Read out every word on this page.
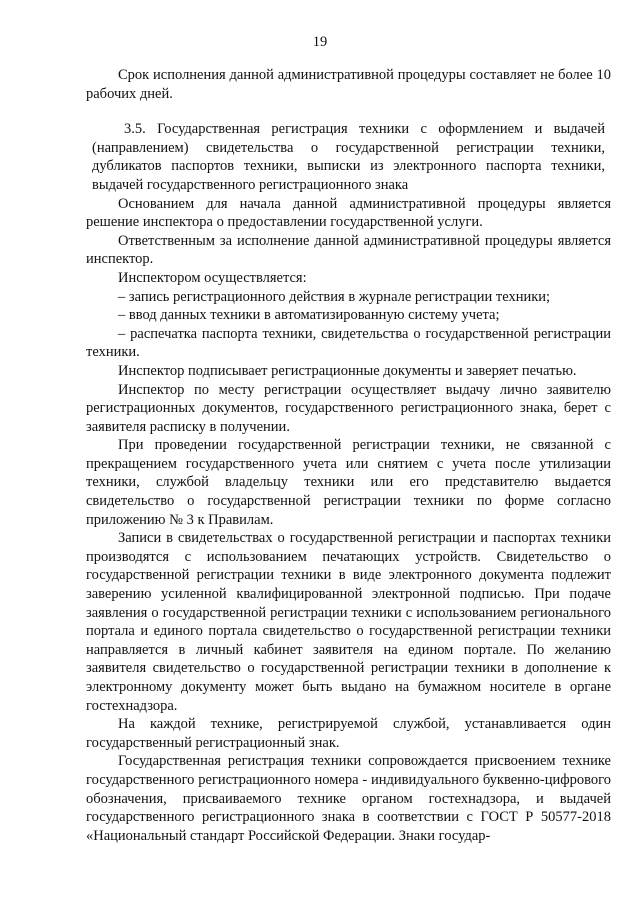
19

Срок исполнения данной административной процедуры составляет не более 10 рабочих дней.

3.5. Государственная регистрация техники с оформлением и выдачей (направлением) свидетельства о государственной регистрации техники, дубликатов паспортов техники, выписки из электронного паспорта техники, выдачей государственного регистрационного знака

Основанием для начала данной административной процедуры является решение инспектора о предоставлении государственной услуги.

Ответственным за исполнение данной административной процедуры является инспектор.

Инспектором осуществляется:

– запись регистрационного действия в журнале регистрации техники;

– ввод данных техники в автоматизированную систему учета;

– распечатка паспорта техники, свидетельства о государственной регистрации техники.

Инспектор подписывает регистрационные документы и заверяет печатью.

Инспектор по месту регистрации осуществляет выдачу лично заявителю регистрационных документов, государственного регистрационного знака, берет с заявителя расписку в получении.

При проведении государственной регистрации техники, не связанной с прекращением государственного учета или снятием с учета после утилизации техники, службой владельцу техники или его представителю выдается свидетельство о государственной регистрации техники по форме согласно приложению № 3 к Правилам.

Записи в свидетельствах о государственной регистрации и паспортах техники производятся с использованием печатающих устройств. Свидетельство о государственной регистрации техники в виде электронного документа подлежит заверению усиленной квалифицированной электронной подписью. При подаче заявления о государственной регистрации техники с использованием регионального портала и единого портала свидетельство о государственной регистрации техники направляется в личный кабинет заявителя на едином портале. По желанию заявителя свидетельство о государственной регистрации техники в дополнение к электронному документу может быть выдано на бумажном носителе в органе гостехнадзора.

На каждой технике, регистрируемой службой, устанавливается один государственный регистрационный знак.

Государственная регистрация техники сопровождается присвоением технике государственного регистрационного номера - индивидуального буквенно-цифрового обозначения, присваиваемого технике органом гостехнадзора, и выдачей государственного регистрационного знака в соответствии с ГОСТ Р 50577-2018 «Национальный стандарт Российской Федерации. Знаки государ-
